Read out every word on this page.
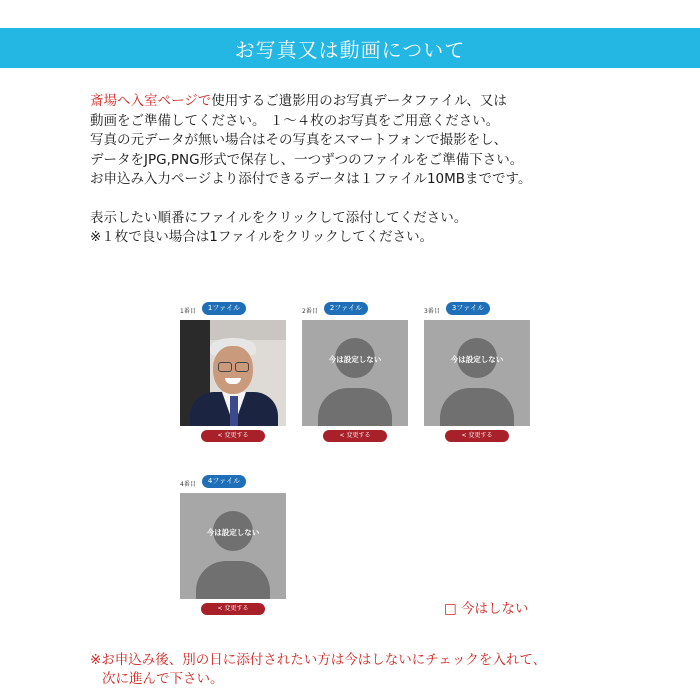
お写真又は動画について

斎場へ入室ページで使用するご遺影用のお写真データファイル、又は

動画をご準備してください。 １～４枚のお写真をご用意ください。

写真の元データが無い場合はその写真をスマートフォンで撮影をし、

データをJPG,PNG形式で保存し、一つずつのファイルをご準備下さい。

お申込み入力ページより添付できるデータは１ファイル10MBまでです。

表示したい順番にファイルをクリックして添付してください。

※１枚で良い場合は1ファイルをクリックしてください。

1番目	1ファイル
< 変更する
2番目	2ファイル
今は設定しない
< 変更する
3番目	3ファイル
今は設定しない
< 変更する
4番目	4ファイル
今は設定しない
< 変更する	□ 今はしない

※お申込み後、別の日に添付されたい方は今はしないにチェックを入れて、

次に進んで下さい。
